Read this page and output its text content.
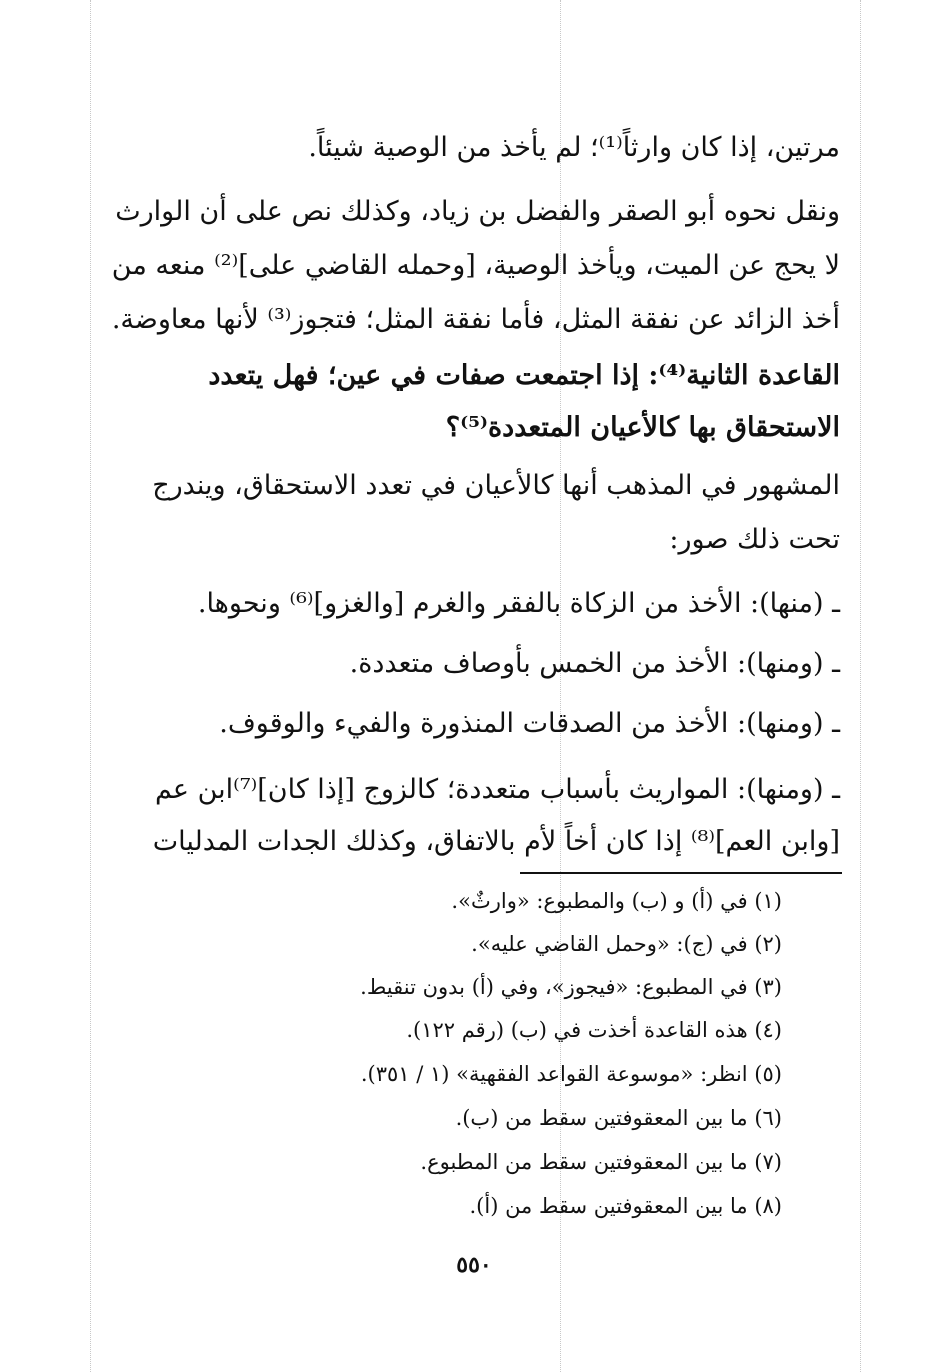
مرتين، إذا كان وارثاً⁽¹⁾؛ لم يأخذ من الوصية شيئاً.
ونقل نحوه أبو الصقر والفضل بن زياد، وكذلك نص على أن الوارث
لا يحج عن الميت، ويأخذ الوصية، [وحمله القاضي على]⁽²⁾ منعه من
أخذ الزائد عن نفقة المثل، فأما نفقة المثل؛ فتجوز⁽³⁾ لأنها معاوضة.
القاعدة الثانية⁽⁴⁾: إذا اجتمعت صفات في عين؛ فهل يتعدد
الاستحقاق بها كالأعيان المتعددة⁽⁵⁾؟
المشهور في المذهب أنها كالأعيان في تعدد الاستحقاق، ويندرج
تحت ذلك صور:
ـ (منها): الأخذ من الزكاة بالفقر والغرم [والغزو]⁽⁶⁾ ونحوها.
ـ (ومنها): الأخذ من الخمس بأوصاف متعددة.
ـ (ومنها): الأخذ من الصدقات المنذورة والفيء والوقوف.
ـ (ومنها): المواريث بأسباب متعددة؛ كالزوج [إذا كان]⁽⁷⁾ابن عم
[وابن العم]⁽⁸⁾ إذا كان أخاً لأم بالاتفاق، وكذلك الجدات المدليات
(١) في (أ) و (ب) والمطبوع: «وارثٌ».
(٢) في (ج): «وحمل القاضي عليه».
(٣) في المطبوع: «فيجوز»، وفي (أ) بدون تنقيط.
(٤) هذه القاعدة أخذت في (ب) (رقم ١٢٢).
(٥) انظر: «موسوعة القواعد الفقهية» (١ / ٣٥١).
(٦) ما بين المعقوفتين سقط من (ب).
(٧) ما بين المعقوفتين سقط من المطبوع.
(٨) ما بين المعقوفتين سقط من (أ).
٥٥٠
